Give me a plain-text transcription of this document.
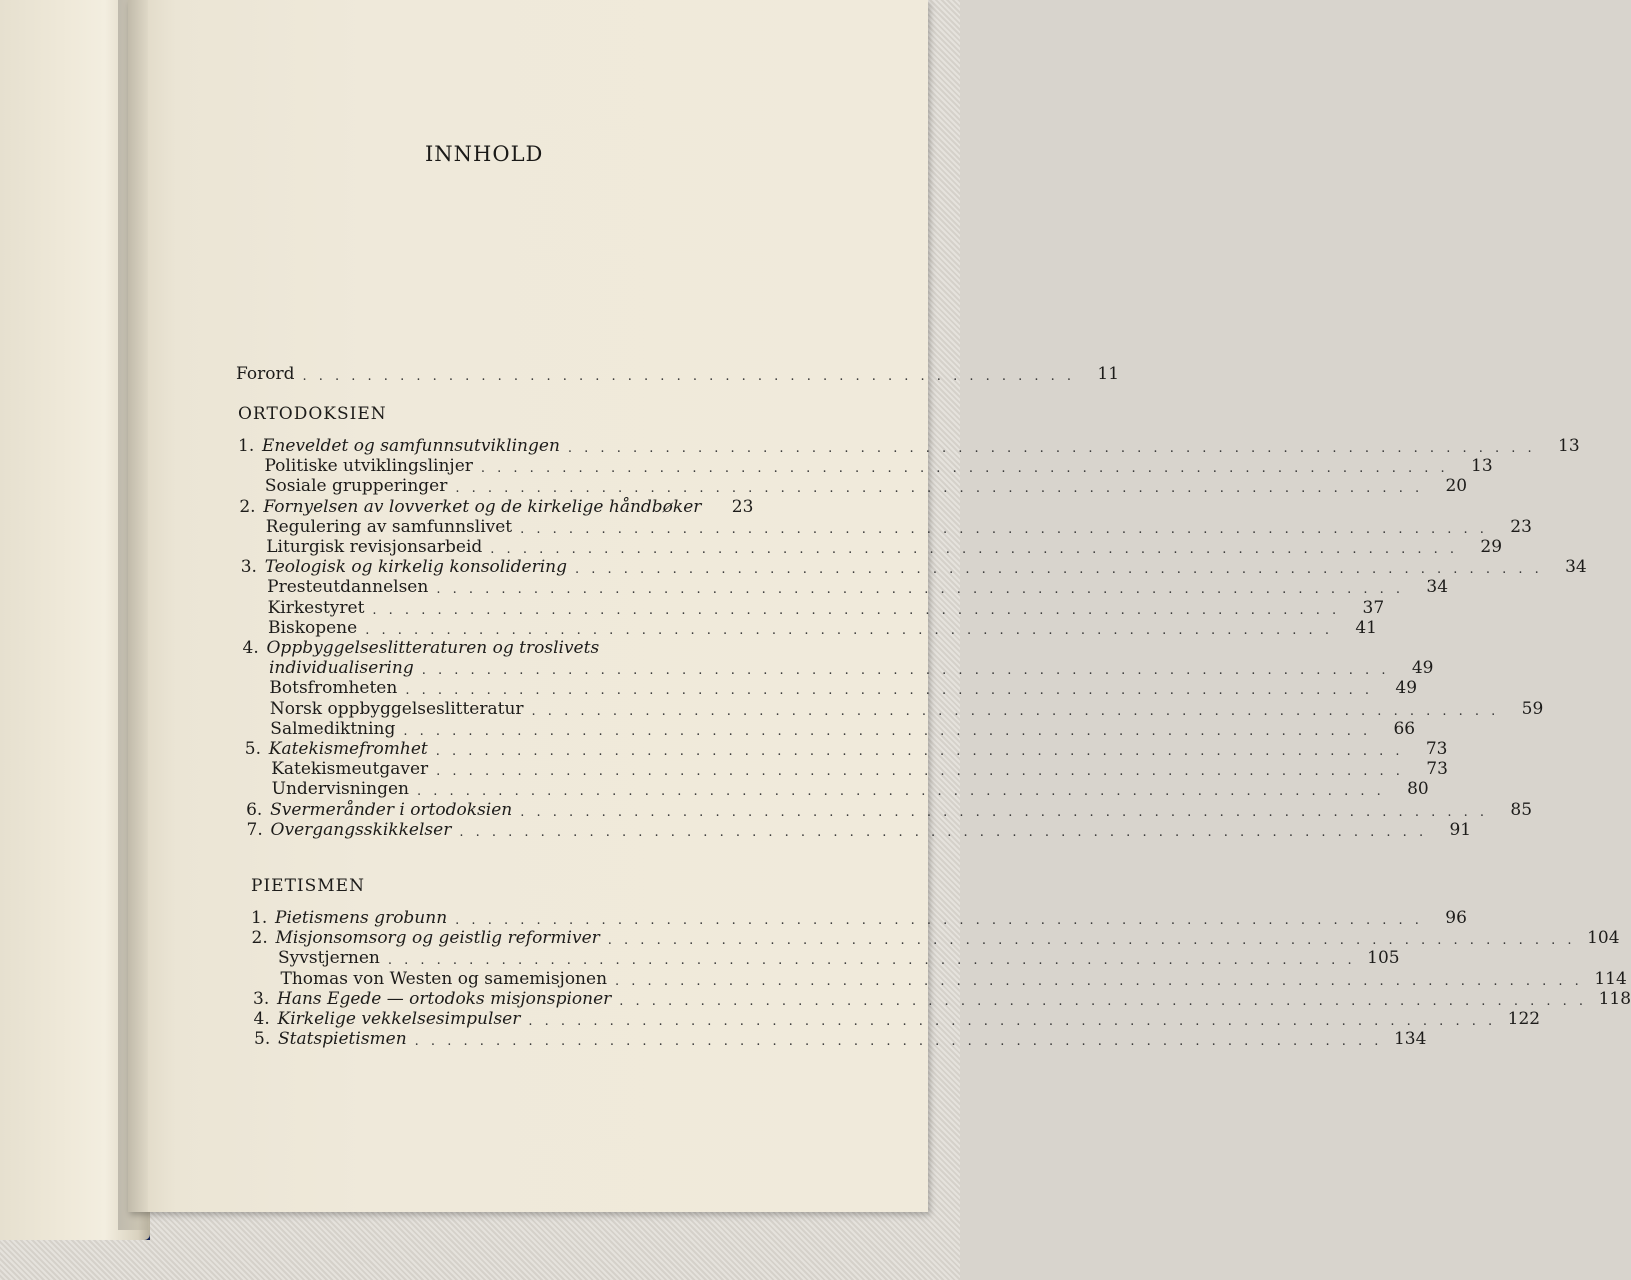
INNHOLD
Forord . . . . . . . . . . . . . . . . . . . . . . . . . . . . . . . . . . . . . . . . . . . . . . . .	11
ORTODOKSIEN
1. Eneveldet og samfunnsutviklingen . . . . . . . . . . . . . . . . . . . . . . . . . . . . . . . . . . . . . . . . . . . . . . . . . . . . . . . . . . . .	13
Politiske utviklingslinjer . . . . . . . . . . . . . . . . . . . . . . . . . . . . . . . . . . . . . . . . . . . . . . . . . . . . . . . . . . . .	13
Sosiale grupperinger . . . . . . . . . . . . . . . . . . . . . . . . . . . . . . . . . . . . . . . . . . . . . . . . . . . . . . . . . . . .	20
2. Fornyelsen av lovverket og de kirkelige håndbøker	23
Regulering av samfunnslivet . . . . . . . . . . . . . . . . . . . . . . . . . . . . . . . . . . . . . . . . . . . . . . . . . . . . . . . . . . . .	23
Liturgisk revisjonsarbeid . . . . . . . . . . . . . . . . . . . . . . . . . . . . . . . . . . . . . . . . . . . . . . . . . . . . . . . . . . . .	29
3. Teologisk og kirkelig konsolidering . . . . . . . . . . . . . . . . . . . . . . . . . . . . . . . . . . . . . . . . . . . . . . . . . . . . . . . . . . . .	34
Presteutdannelsen . . . . . . . . . . . . . . . . . . . . . . . . . . . . . . . . . . . . . . . . . . . . . . . . . . . . . . . . . . . .	34
Kirkestyret . . . . . . . . . . . . . . . . . . . . . . . . . . . . . . . . . . . . . . . . . . . . . . . . . . . . . . . . . . . .	37
Biskopene . . . . . . . . . . . . . . . . . . . . . . . . . . . . . . . . . . . . . . . . . . . . . . . . . . . . . . . . . . . .	41
4. Oppbyggelseslitteraturen og troslivets
individualisering . . . . . . . . . . . . . . . . . . . . . . . . . . . . . . . . . . . . . . . . . . . . . . . . . . . . . . . . . . . .	49
Botsfromheten . . . . . . . . . . . . . . . . . . . . . . . . . . . . . . . . . . . . . . . . . . . . . . . . . . . . . . . . . . . .	49
Norsk oppbyggelseslitteratur . . . . . . . . . . . . . . . . . . . . . . . . . . . . . . . . . . . . . . . . . . . . . . . . . . . . . . . . . . . .	59
Salmediktning . . . . . . . . . . . . . . . . . . . . . . . . . . . . . . . . . . . . . . . . . . . . . . . . . . . . . . . . . . . .	66
5. Katekismefromhet . . . . . . . . . . . . . . . . . . . . . . . . . . . . . . . . . . . . . . . . . . . . . . . . . . . . . . . . . . . .	73
Katekismeutgaver . . . . . . . . . . . . . . . . . . . . . . . . . . . . . . . . . . . . . . . . . . . . . . . . . . . . . . . . . . . .	73
Undervisningen . . . . . . . . . . . . . . . . . . . . . . . . . . . . . . . . . . . . . . . . . . . . . . . . . . . . . . . . . . . .	80
6. Svermerånder i ortodoksien . . . . . . . . . . . . . . . . . . . . . . . . . . . . . . . . . . . . . . . . . . . . . . . . . . . . . . . . . . . .	85
7. Overgangsskikkelser . . . . . . . . . . . . . . . . . . . . . . . . . . . . . . . . . . . . . . . . . . . . . . . . . . . . . . . . . . . .	91
PIETISMEN
1. Pietismens grobunn . . . . . . . . . . . . . . . . . . . . . . . . . . . . . . . . . . . . . . . . . . . . . . . . . . . . . . . . . . . .	96
2. Misjonsomsorg og geistlig reformiver . . . . . . . . . . . . . . . . . . . . . . . . . . . . . . . . . . . . . . . . . . . . . . . . . . . . . . . . . . . . 104
Syvstjernen . . . . . . . . . . . . . . . . . . . . . . . . . . . . . . . . . . . . . . . . . . . . . . . . . . . . . . . . . . . . 105
Thomas von Westen og samemisjonen . . . . . . . . . . . . . . . . . . . . . . . . . . . . . . . . . . . . . . . . . . . . . . . . . . . . . . . . . . . . 114
3. Hans Egede — ortodoks misjonspioner . . . . . . . . . . . . . . . . . . . . . . . . . . . . . . . . . . . . . . . . . . . . . . . . . . . . . . . . . . . . 118
4. Kirkelige vekkelsesimpulser . . . . . . . . . . . . . . . . . . . . . . . . . . . . . . . . . . . . . . . . . . . . . . . . . . . . . . . . . . . . 122
5. Statspietismen . . . . . . . . . . . . . . . . . . . . . . . . . . . . . . . . . . . . . . . . . . . . . . . . . . . . . . . . . . . . 134
